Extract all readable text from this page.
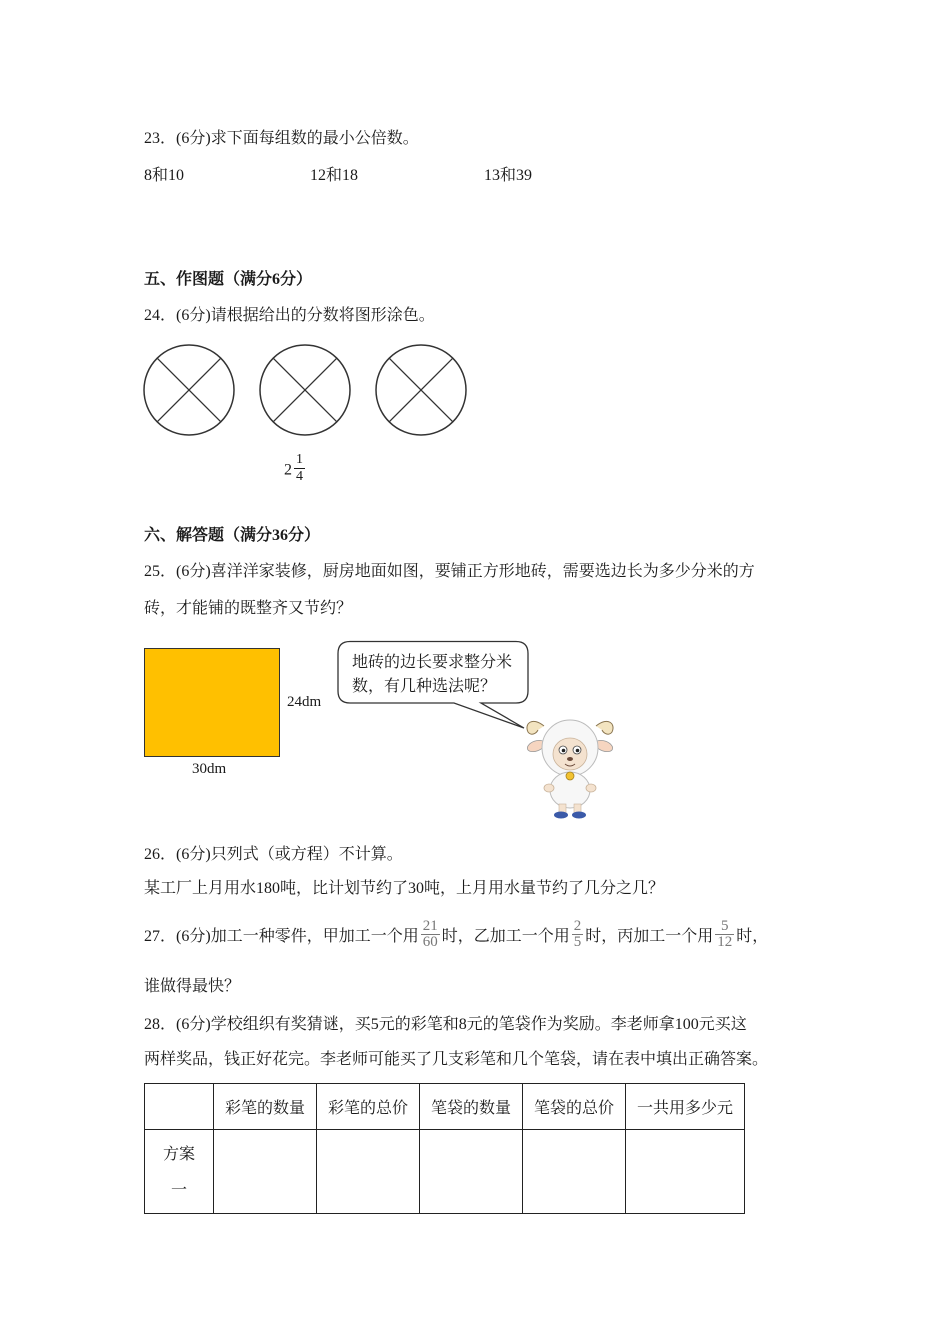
23．(6分)求下面每组数的最小公倍数。
8和10	12和18	13和39
五、作图题（满分6分）
24．(6分)请根据给出的分数将图形涂色。
$2 \frac{1}{4}$
六、解答题（满分36分）
25．(6分)喜洋洋家装修，厨房地面如图，要铺正方形地砖，需要选边长为多少分米的方
砖，才能铺的既整齐又节约？
24dm
30dm
地砖的边长要求整分米
数，有几种选法呢？
26．(6分)只列式（或方程）不计算。
某工厂上月用水180吨，比计划节约了30吨，上月用水量节约了几分之几？
27．(6分)加工一种零件，甲加工一个用 $\frac{21}{60}$ 时，乙加工一个用 $\frac{2}{5}$ 时，丙加工一个用 $\frac{5}{12}$ 时，
谁做得最快？
28．(6分)学校组织有奖猜谜，买5元的彩笔和8元的笔袋作为奖励。李老师拿100元买这
两样奖品，钱正好花完。李老师可能买了几支彩笔和几个笔袋，请在表中填出正确答案。
	彩笔的数量	彩笔的总价	笔袋的数量	笔袋的总价	一共用多少元

方案
一					
